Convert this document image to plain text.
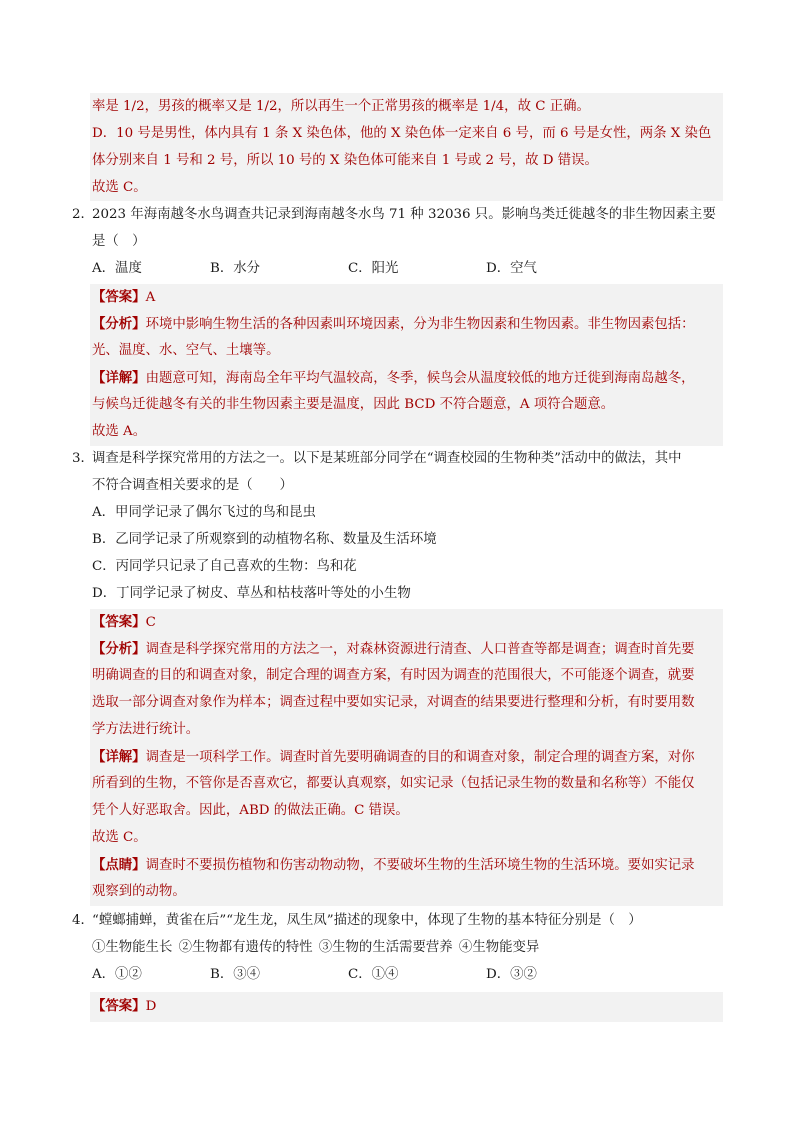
率是 1/2，男孩的概率又是 1/2，所以再生一个正常男孩的概率是 1/4，故 C 正确。
D．10 号是男性，体内具有 1 条 X 染色体，他的 X 染色体一定来自 6 号，而 6 号是女性，两条 X 染色
体分别来自 1 号和 2 号，所以 10 号的 X 染色体可能来自 1 号或 2 号，故 D 错误。
故选 C。
2．
2023 年海南越冬水鸟调查共记录到海南越冬水鸟 71 种 32036 只。影响鸟类迁徙越冬的非生物因素主要
是（　）
A．温度	B．水分	C．阳光	D．空气
【答案】A
【分析】环境中影响生物生活的各种因素叫环境因素，分为非生物因素和生物因素。非生物因素包括：
光、温度、水、空气、土壤等。
【详解】由题意可知，海南岛全年平均气温较高，冬季，候鸟会从温度较低的地方迁徙到海南岛越冬，
与候鸟迁徙越冬有关的非生物因素主要是温度，因此 BCD 不符合题意，A 项符合题意。
故选 A。
3．
调查是科学探究常用的方法之一。以下是某班部分同学在“调查校园的生物种类”活动中的做法，其中
不符合调查相关要求的是（　　）
A．甲同学记录了偶尔飞过的鸟和昆虫
B．乙同学记录了所观察到的动植物名称、数量及生活环境
C．丙同学只记录了自己喜欢的生物：鸟和花
D．丁同学记录了树皮、草丛和枯枝落叶等处的小生物
【答案】C
【分析】调查是科学探究常用的方法之一，对森林资源进行清查、人口普查等都是调查；调查时首先要
明确调查的目的和调查对象，制定合理的调查方案，有时因为调查的范围很大，不可能逐个调查，就要
选取一部分调查对象作为样本；调查过程中要如实记录，对调查的结果要进行整理和分析，有时要用数
学方法进行统计。
【详解】调查是一项科学工作。调查时首先要明确调查的目的和调查对象，制定合理的调查方案，对你
所看到的生物，不管你是否喜欢它，都要认真观察，如实记录（包括记录生物的数量和名称等）不能仅
凭个人好恶取舍。因此，ABD 的做法正确。C 错误。
故选 C。
【点睛】调查时不要损伤植物和伤害动物动物，不要破坏生物的生活环境生物的生活环境。要如实记录
观察到的动物。
4．
“螳螂捕蝉，黄雀在后”“龙生龙，凤生凤”描述的现象中，体现了生物的基本特征分别是（　）
①生物能生长 ②生物都有遗传的特性 ③生物的生活需要营养 ④生物能变异
A．①②	B．③④	C．①④	D．③②
【答案】D
